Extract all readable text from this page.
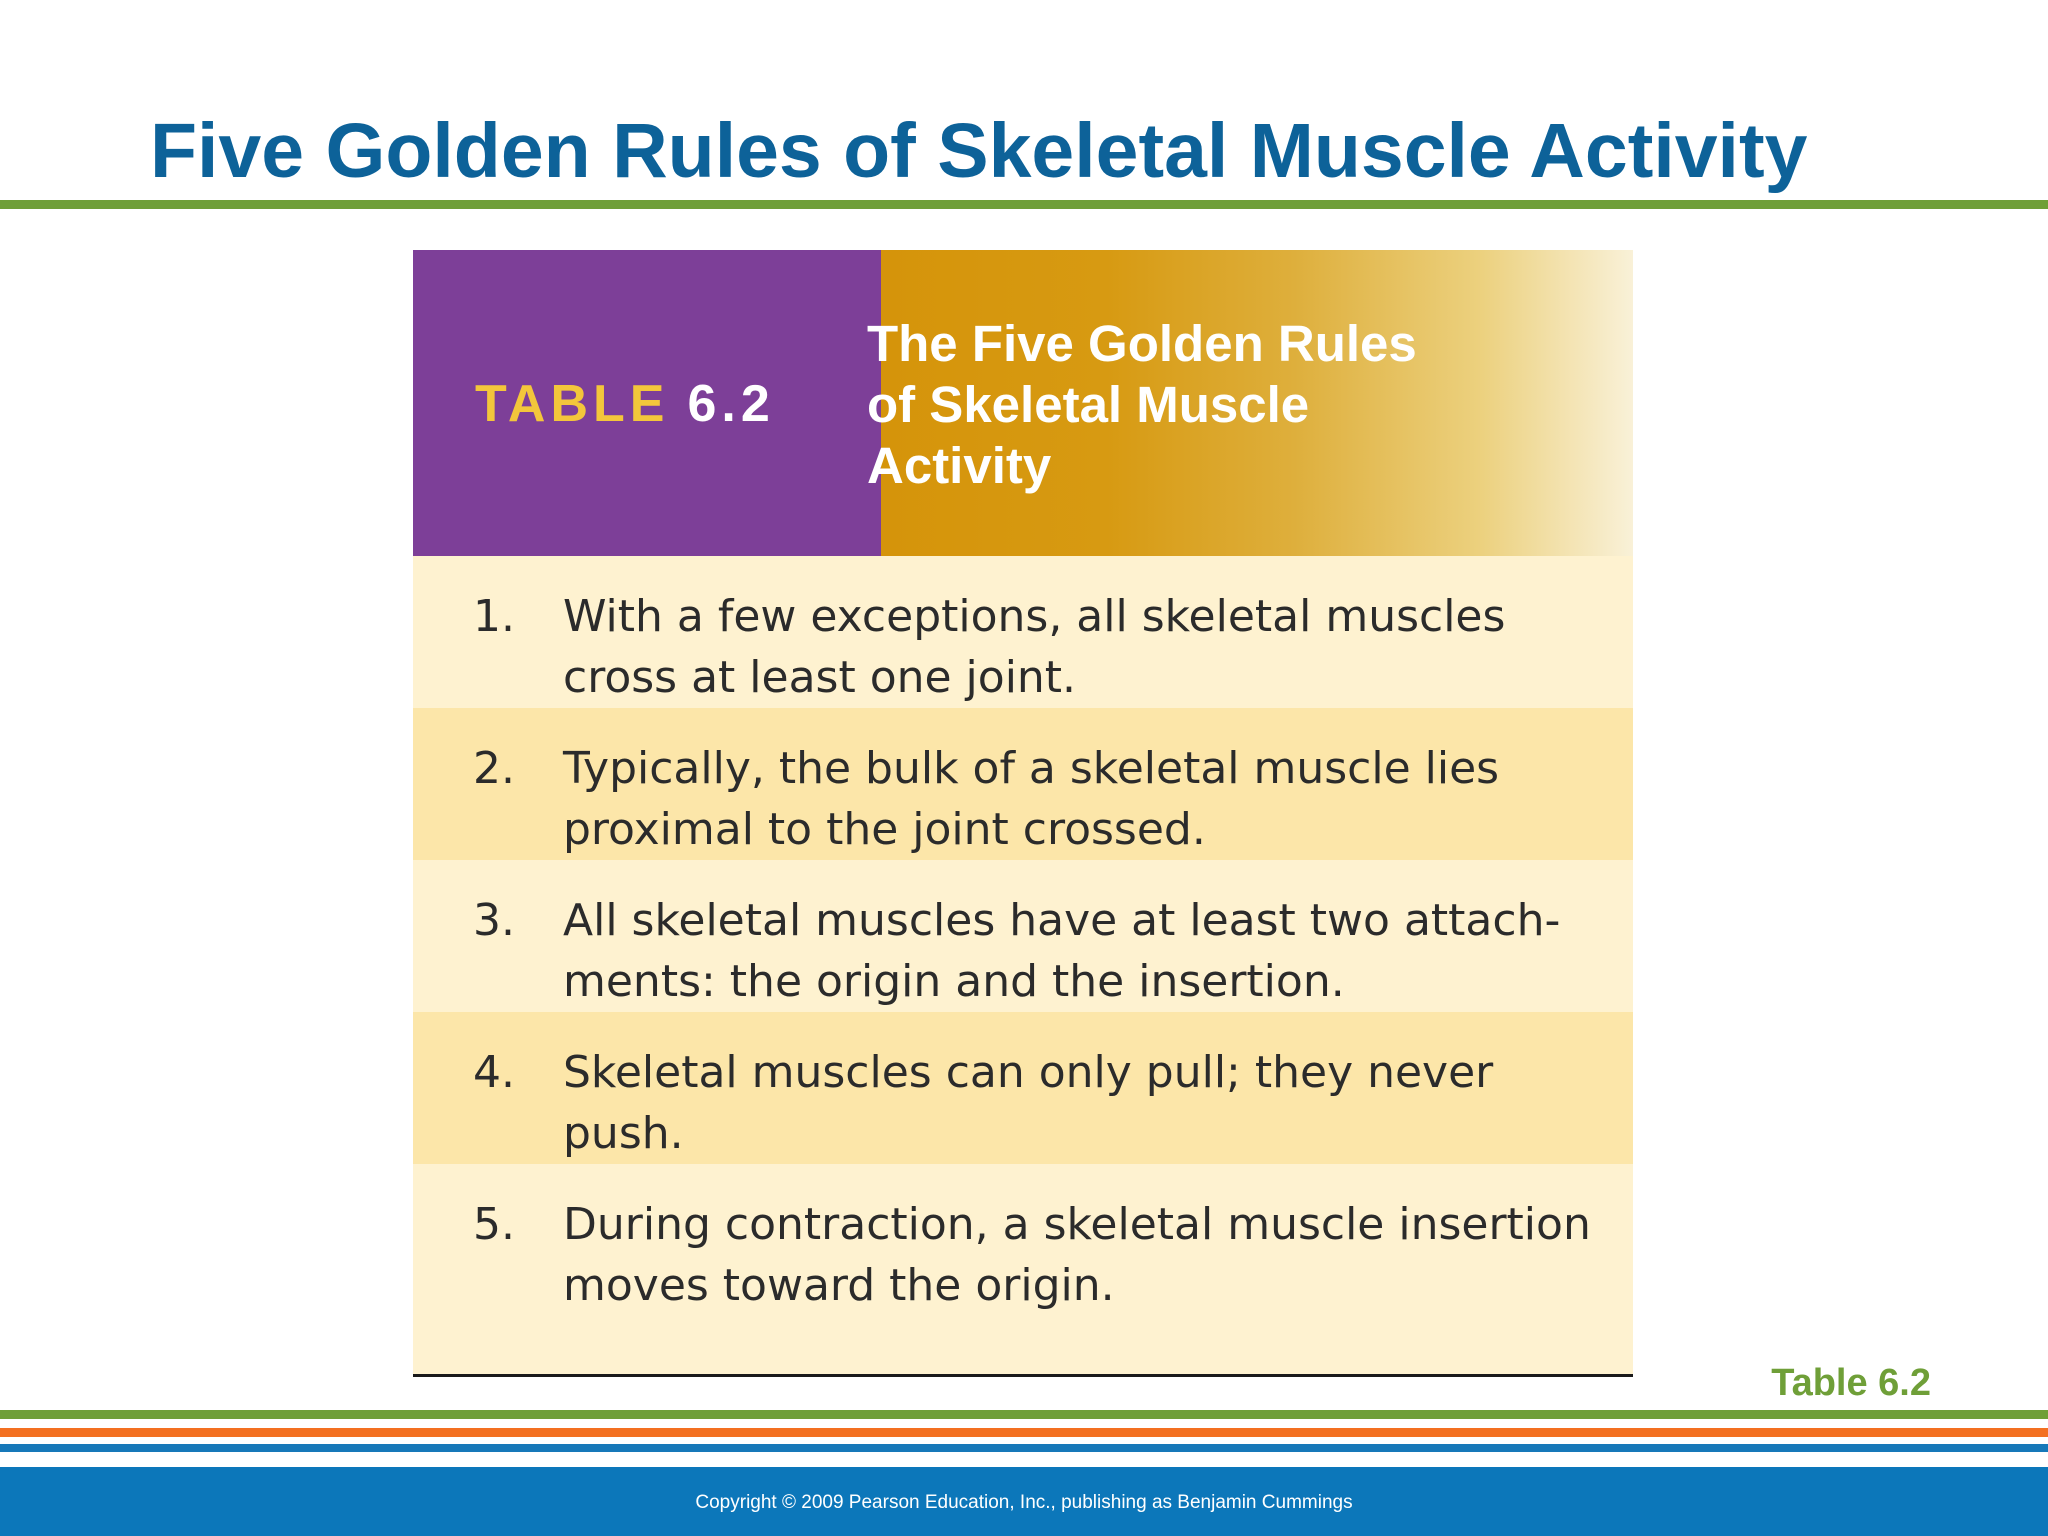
Five Golden Rules of Skeletal Muscle Activity
TABLE 6.2
The Five Golden Rules
of Skeletal Muscle
Activity
1. With a few exceptions, all skeletal muscles
cross at least one joint.
2. Typically, the bulk of a skeletal muscle lies
proximal to the joint crossed.
3. All skeletal muscles have at least two attach-
ments: the origin and the insertion.
4. Skeletal muscles can only pull; they never
push.
5. During contraction, a skeletal muscle insertion
moves toward the origin.
Table 6.2
Copyright © 2009 Pearson Education, Inc., publishing as Benjamin Cummings
